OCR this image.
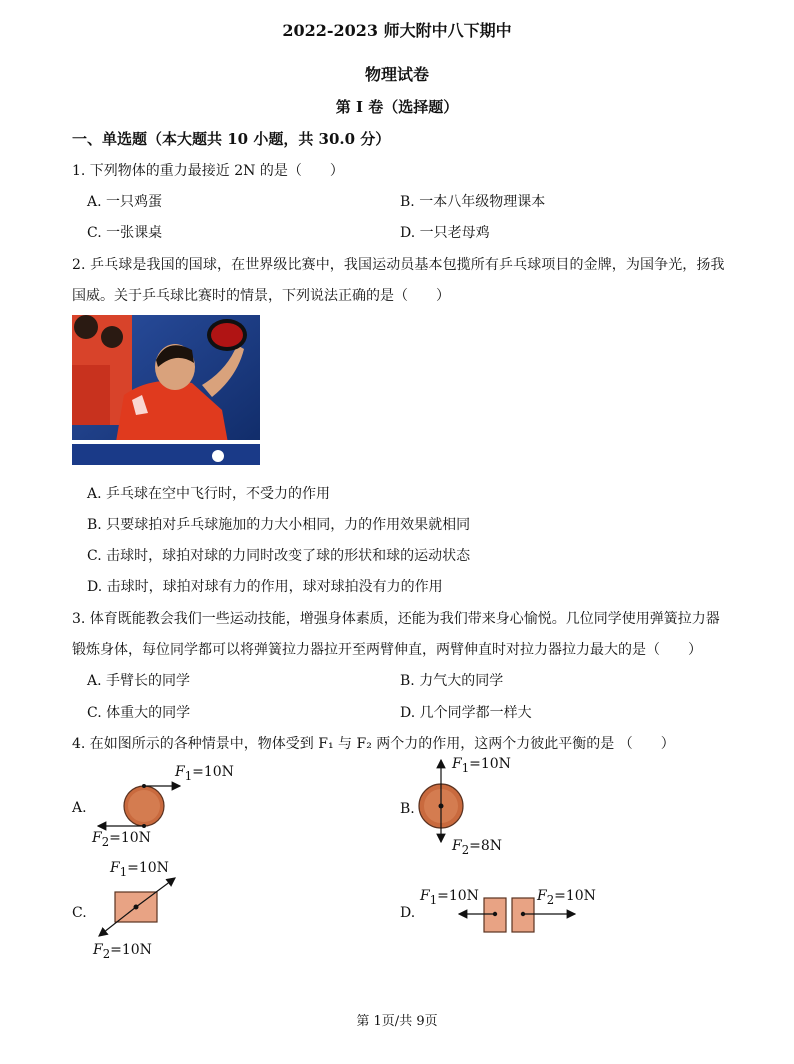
2022-2023 师大附中八下期中
物理试卷
第 I 卷（选择题）
一、单选题（本大题共 10 小题，共 30.0 分）
1. 下列物体的重力最接近 2N 的是（　　）
A. 一只鸡蛋	B. 一本八年级物理课本
C. 一张课桌	D. 一只老母鸡
2. 乒乓球是我国的国球，在世界级比赛中，我国运动员基本包揽所有乒乓球项目的金牌，为国争光，扬我
国威。关于乒乓球比赛时的情景，下列说法正确的是（　　）
A. 乒乓球在空中飞行时，不受力的作用
B. 只要球拍对乒乓球施加的力大小相同，力的作用效果就相同
C. 击球时，球拍对球的力同时改变了球的形状和球的运动状态
D. 击球时，球拍对球有力的作用，球对球拍没有力的作用
3. 体育既能教会我们一些运动技能，增强身体素质，还能为我们带来身心愉悦。几位同学使用弹簧拉力器
锻炼身体，每位同学都可以将弹簧拉力器拉开至两臂伸直，两臂伸直时对拉力器拉力最大的是（　　）
A. 手臂长的同学	B. 力气大的同学
C. 体重大的同学	D. 几个同学都一样大
4. 在如图所示的各种情景中，物体受到 F₁ 与 F₂ 两个力的作用，这两个力彼此平衡的是 （　　）
A.
$F_1=10N$
$F_2=10N$
B.
$F_1=10N$
$F_2=8N$
C.
$F_1=10N$
$F_2=10N$
D.
$F_1=10N$	$F_2=10N$
第 1页/共 9页
